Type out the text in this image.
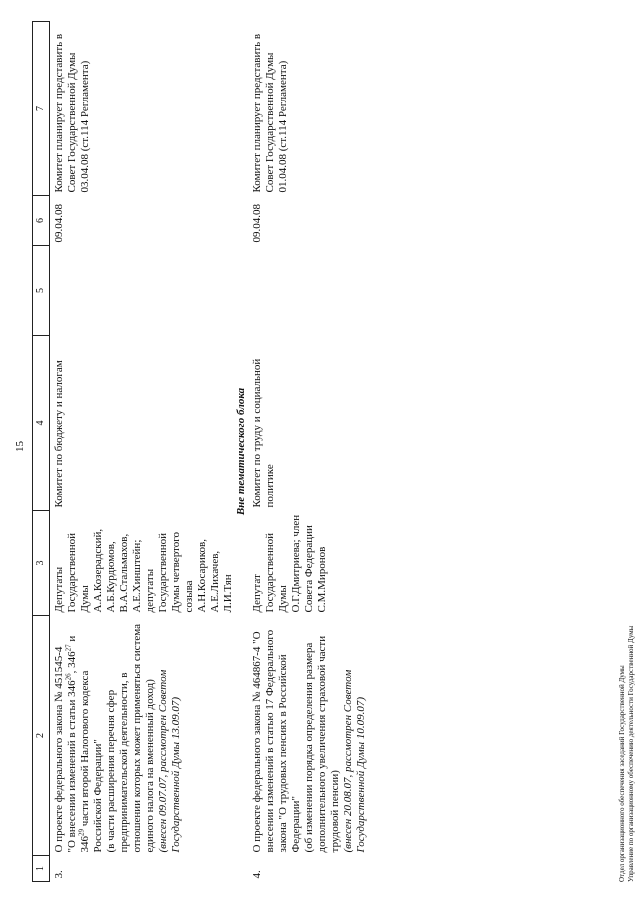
15
1	2	3	4	5	6	7
3.	О проекте федерального закона № 451545-4
"О внесении изменений в статьи $346^{26}$, $346^{27}$ и $346^{29}$ части второй Налогового кодекса Российской Федерации"
(в части расширения перечня сфер предпринимательской деятельности, в отношении которых может применяться система единого налога на вмененный доход)
(внесен 09.07.07, рассмотрен Советом Государственной Думы 13.09.07)	Депутаты Государственной Думы А.А.Козерадский, А.Б.Курдюмов, В.А.Стальмахов, А.Е.Хинштейн; депутаты Государственной Думы четвертого созыва А.Н.Косариков, А.Е.Лихачев, Л.И.Тян	Комитет по бюджету и налогам		09.04.08	Комитет планирует представить в Совет Государственной Думы 03.04.08 (ст.114 Регламента)
Вне тематического блока						
4.	О проекте федерального закона № 464867-4 "О внесении изменений в статью 17 Федерального закона "О трудовых пенсиях в Российской Федерации"
(об изменении порядка определения размера дополнительного увеличения страховой части трудовой пенсии)
(внесен 20.08.07, рассмотрен Советом Государственной Думы 10.09.07)	Депутат Государственной Думы О.Г.Дмитриева; член Совета Федерации С.М.Миронов	Комитет по труду и социальной политике		09.04.08	Комитет планирует представить в Совет Государственной Думы 01.04.08 (ст.114 Регламента)
Отдел организационного обеспечения заседаний Государственной Думы Управление по организационному обеспечению деятельности Государственной Думы
